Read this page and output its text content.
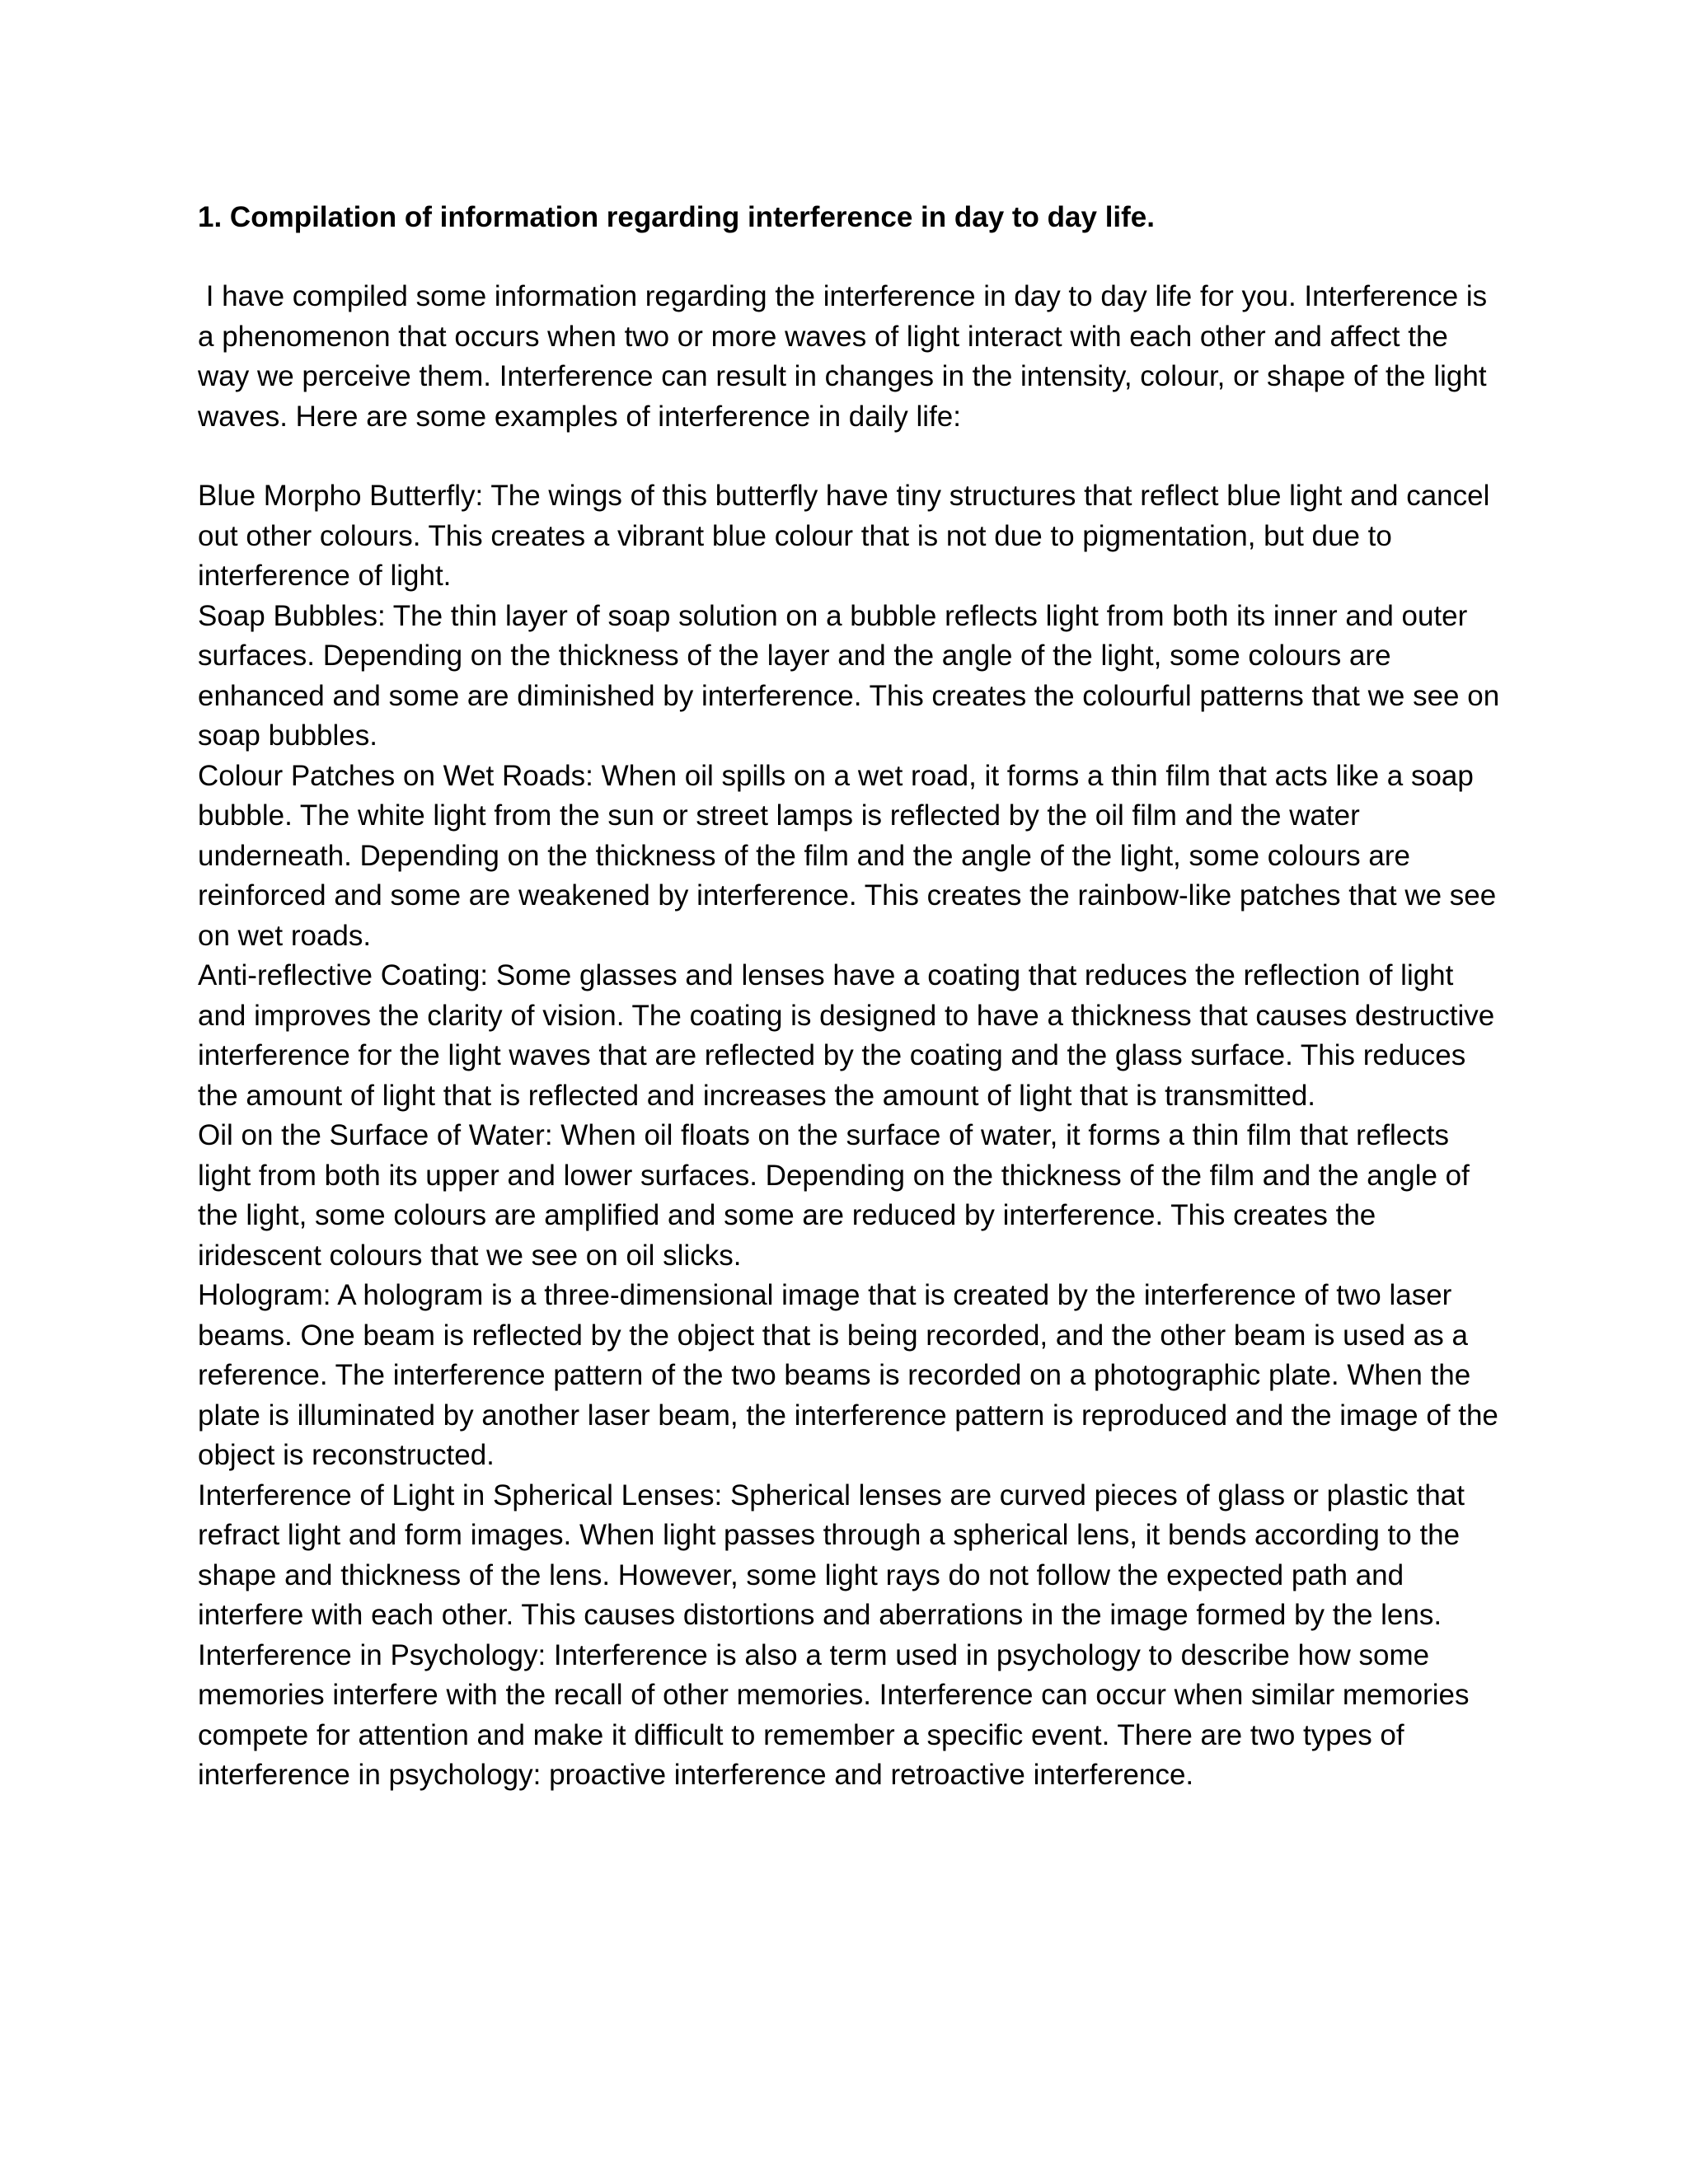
1. Compilation of information regarding interference in day to day life.

I have compiled some information regarding the interference in day to day life for you. Interference is a phenomenon that occurs when two or more waves of light interact with each other and affect the way we perceive them. Interference can result in changes in the intensity, colour, or shape of the light waves. Here are some examples of interference in daily life:

Blue Morpho Butterfly: The wings of this butterfly have tiny structures that reflect blue light and cancel out other colours. This creates a vibrant blue colour that is not due to pigmentation, but due to interference of light.

Soap Bubbles: The thin layer of soap solution on a bubble reflects light from both its inner and outer surfaces. Depending on the thickness of the layer and the angle of the light, some colours are enhanced and some are diminished by interference. This creates the colourful patterns that we see on soap bubbles.

Colour Patches on Wet Roads: When oil spills on a wet road, it forms a thin film that acts like a soap bubble. The white light from the sun or street lamps is reflected by the oil film and the water underneath. Depending on the thickness of the film and the angle of the light, some colours are reinforced and some are weakened by interference. This creates the rainbow-like patches that we see on wet roads.

Anti-reflective Coating: Some glasses and lenses have a coating that reduces the reflection of light and improves the clarity of vision. The coating is designed to have a thickness that causes destructive interference for the light waves that are reflected by the coating and the glass surface. This reduces the amount of light that is reflected and increases the amount of light that is transmitted.

Oil on the Surface of Water: When oil floats on the surface of water, it forms a thin film that reflects light from both its upper and lower surfaces. Depending on the thickness of the film and the angle of the light, some colours are amplified and some are reduced by interference. This creates the iridescent colours that we see on oil slicks.

Hologram: A hologram is a three-dimensional image that is created by the interference of two laser beams. One beam is reflected by the object that is being recorded, and the other beam is used as a reference. The interference pattern of the two beams is recorded on a photographic plate. When the plate is illuminated by another laser beam, the interference pattern is reproduced and the image of the object is reconstructed.

Interference of Light in Spherical Lenses: Spherical lenses are curved pieces of glass or plastic that refract light and form images. When light passes through a spherical lens, it bends according to the shape and thickness of the lens. However, some light rays do not follow the expected path and interfere with each other. This causes distortions and aberrations in the image formed by the lens.

Interference in Psychology: Interference is also a term used in psychology to describe how some memories interfere with the recall of other memories. Interference can occur when similar memories compete for attention and make it difficult to remember a specific event. There are two types of interference in psychology: proactive interference and retroactive interference.
